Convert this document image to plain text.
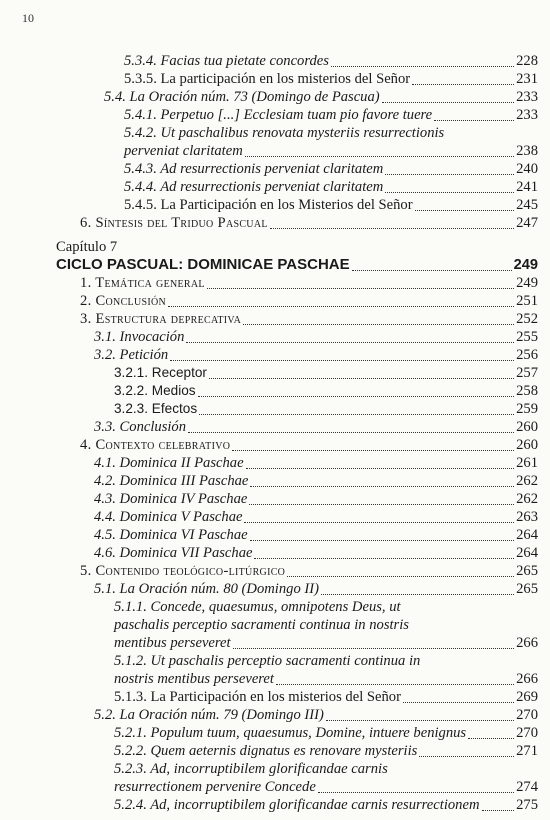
10
5.3.4. Facias tua pietate concordes	228
5.3.5. La participación en los misterios del Señor	231
5.4. La Oración núm. 73 (Domingo de Pascua)	233
5.4.1. Perpetuo [...] Ecclesiam tuam pio favore tuere	233
5.4.2. Ut paschalibus renovata mysteriis resurrectionis perveniat claritatem	238
5.4.3. Ad resurrectionis perveniat claritatem	240
5.4.4. Ad resurrectionis perveniat claritatem	241
5.4.5. La Participación en los Misterios del Señor	245
6. Síntesis del Triduo Pascual	247
Capítulo 7
CICLO PASCUAL: DOMINICAE PASCHAE	249
1. Temática general	249
2. Conclusión	251
3. Estructura deprecativa	252
3.1. Invocación	255
3.2. Petición	256
3.2.1. Receptor	257
3.2.2. Medios	258
3.2.3. Efectos	259
3.3. Conclusión	260
4. Contexto celebrativo	260
4.1. Dominica II Paschae	261
4.2. Dominica III Paschae	262
4.3. Dominica IV Paschae	262
4.4. Dominica V Paschae	263
4.5. Dominica VI Paschae	264
4.6. Dominica VII Paschae	264
5. Contenido teológico-litúrgico	265
5.1. La Oración núm. 80 (Domingo II)	265
5.1.1. Concede, quaesumus, omnipotens Deus, ut paschalis perceptio sacramenti continua in nostris mentibus perseveret	266
5.1.2. Ut paschalis perceptio sacramenti continua in nostris mentibus perseveret	266
5.1.3. La Participación en los misterios del Señor	269
5.2. La Oración núm. 79 (Domingo III)	270
5.2.1. Populum tuum, quaesumus, Domine, intuere benignus	270
5.2.2. Quem aeternis dignatus es renovare mysteriis	271
5.2.3. Ad, incorruptibilem glorificandae carnis resurrectionem pervenire Concede	274
5.2.4. Ad, incorruptibilem glorificandae carnis resurrectionem	275
